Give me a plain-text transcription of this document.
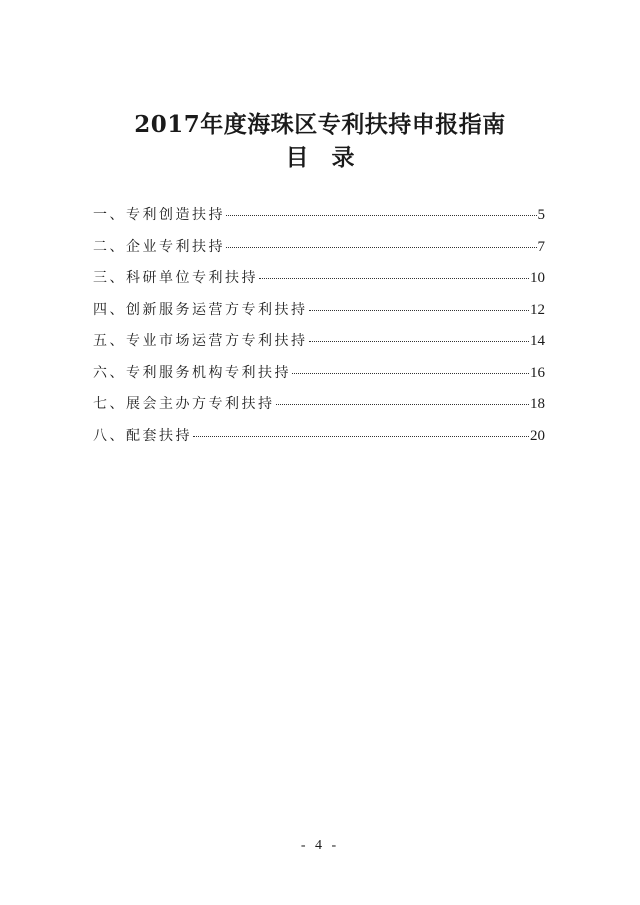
2017年度海珠区专利扶持申报指南
目　录
一、专利创造扶持	5
二、企业专利扶持	7
三、科研单位专利扶持	10
四、创新服务运营方专利扶持	12
五、专业市场运营方专利扶持	14
六、专利服务机构专利扶持	16
七、展会主办方专利扶持	18
八、配套扶持	20
- 4 -
